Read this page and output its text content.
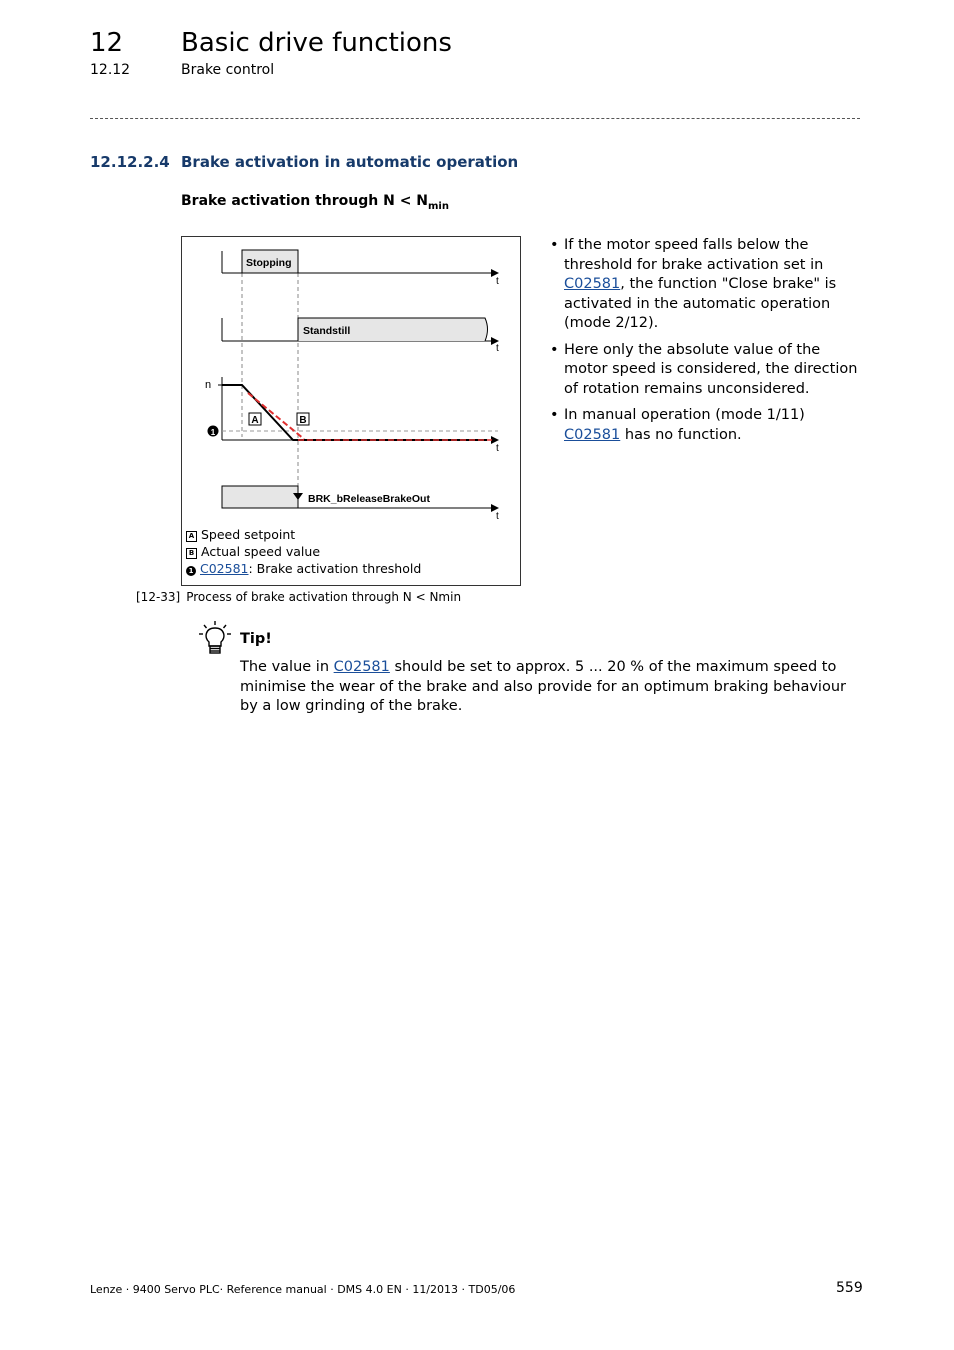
12 Basic drive functions
12.12	Brake control
12.12.2.4 Brake activation in automatic operation
Brake activation through $N < N_{min}$
Stopping
t
Standstill
t
n
t
1
A	B
BRK_bReleaseBrakeOut
t
A Speed setpoint
B Actual speed value
1 C02581: Brake activation threshold
[12-33] Process of brake activation through N < Nmin
• If the motor speed falls below the threshold for brake activation set in C02581, the function "Close brake" is activated in the automatic operation (mode 2/12).
• Here only the absolute value of the motor speed is considered, the direction of rotation remains unconsidered.
• In manual operation (mode 1/11) C02581 has no function.
Tip!
The value in C02581 should be set to approx. 5 ... 20 % of the maximum speed to minimise the wear of the brake and also provide for an optimum braking behaviour by a low grinding of the brake.
Lenze · 9400 Servo PLC· Reference manual · DMS 4.0 EN · 11/2013 · TD05/06	559
